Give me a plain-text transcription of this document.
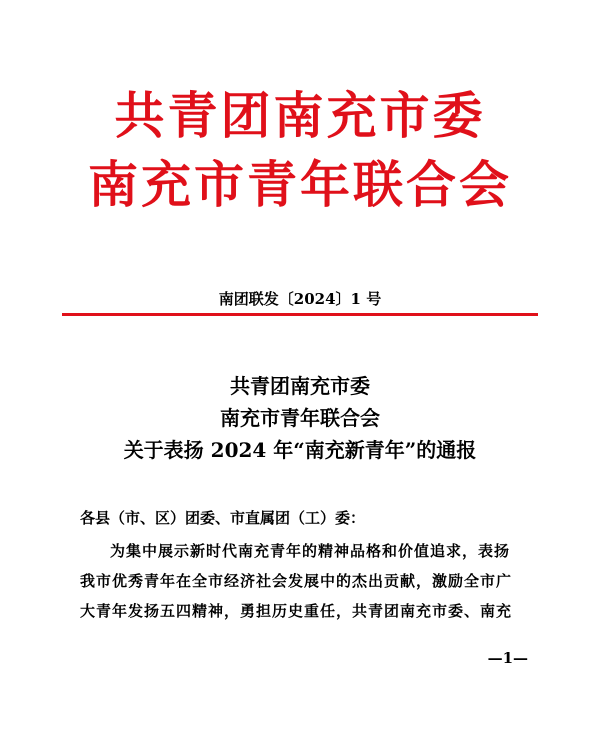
共青团南充市委
南充市青年联合会
南团联发〔2024〕1 号
共青团南充市委
南充市青年联合会
关于表扬 2024 年“南充新青年”的通报
各县（市、区）团委、市直属团（工）委：
为集中展示新时代南充青年的精神品格和价值追求，表扬
我市优秀青年在全市经济社会发展中的杰出贡献，激励全市广
大青年发扬五四精神，勇担历史重任，共青团南充市委、南充
—1—
